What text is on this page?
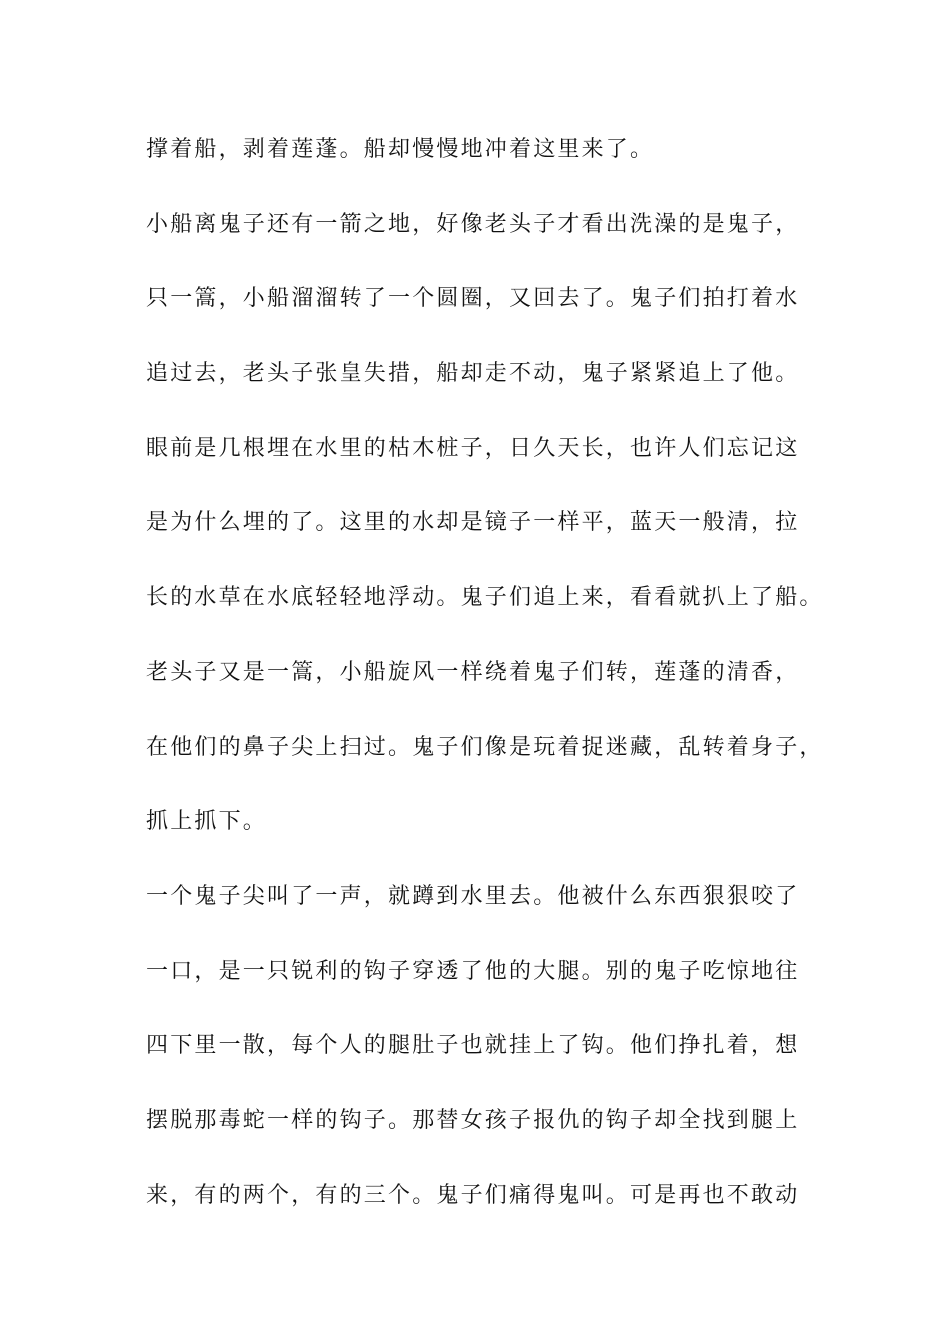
撑着船，剥着莲蓬。船却慢慢地冲着这里来了。
小船离鬼子还有一箭之地，好像老头子才看出洗澡的是鬼子，
只一篙，小船溜溜转了一个圆圈，又回去了。鬼子们拍打着水
追过去，老头子张皇失措，船却走不动，鬼子紧紧追上了他。
眼前是几根埋在水里的枯木桩子，日久天长，也许人们忘记这
是为什么埋的了。这里的水却是镜子一样平，蓝天一般清，拉
长的水草在水底轻轻地浮动。鬼子们追上来，看看就扒上了船。
老头子又是一篙，小船旋风一样绕着鬼子们转，莲蓬的清香，
在他们的鼻子尖上扫过。鬼子们像是玩着捉迷藏，乱转着身子，
抓上抓下。
一个鬼子尖叫了一声，就蹲到水里去。他被什么东西狠狠咬了
一口，是一只锐利的钩子穿透了他的大腿。别的鬼子吃惊地往
四下里一散，每个人的腿肚子也就挂上了钩。他们挣扎着，想
摆脱那毒蛇一样的钩子。那替女孩子报仇的钩子却全找到腿上
来，有的两个，有的三个。鬼子们痛得鬼叫。可是再也不敢动
